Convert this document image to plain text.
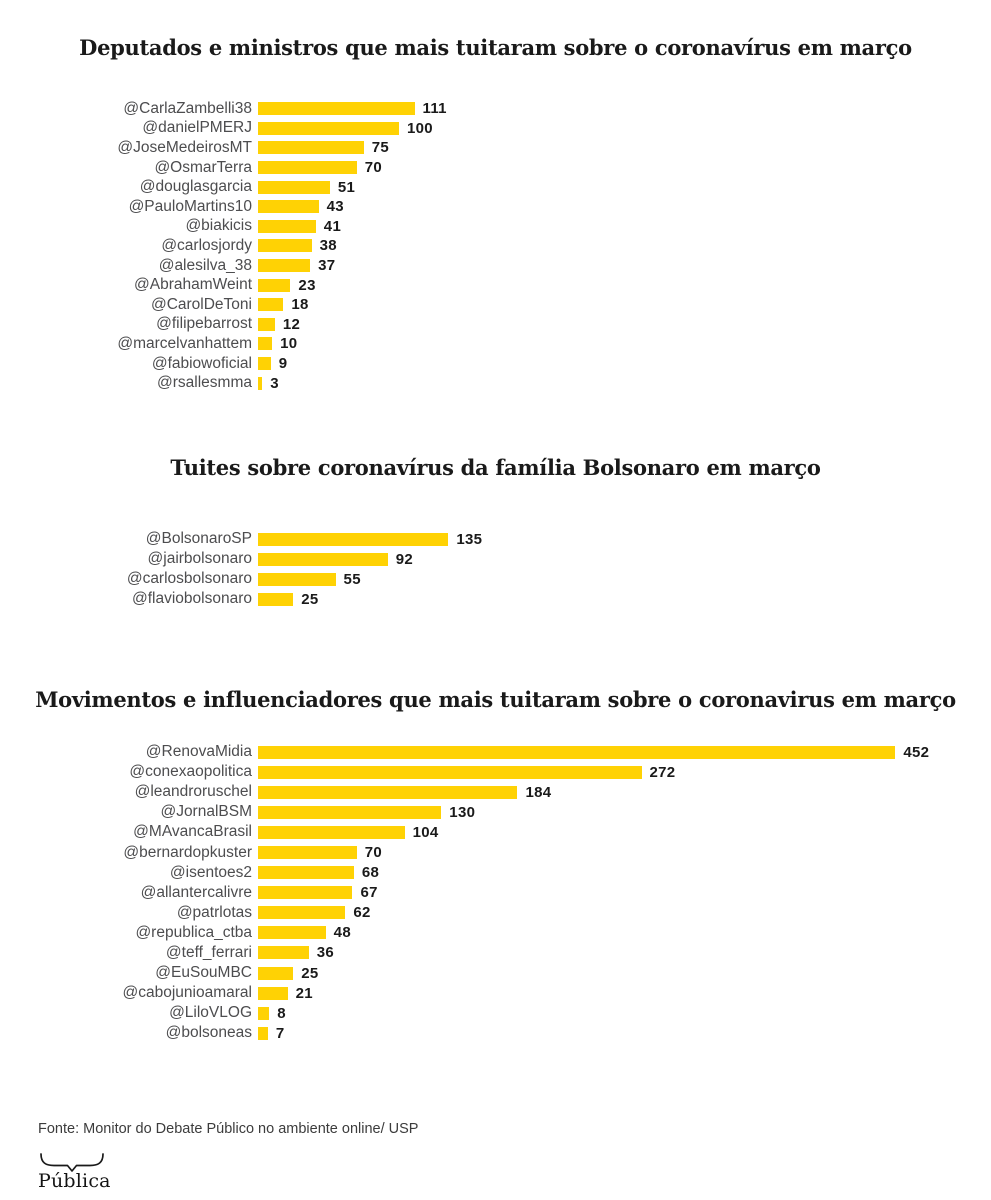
Deputados e ministros que mais tuitaram sobre o coronavírus em março
@CarlaZambelli38	111
@danielPMERJ	100
@JoseMedeirosMT	75
@OsmarTerra	70
@douglasgarcia	51
@PauloMartins10	43
@biakicis	41
@carlosjordy	38
@alesilva_38	37
@AbrahamWeint	23
@CarolDeToni	18
@filipebarrost	12
@marcelvanhattem	10
@fabiowoficial	9
@rsallesmma	3
Tuites sobre coronavírus da família Bolsonaro em março
@BolsonaroSP	135
@jairbolsonaro	92
@carlosbolsonaro	55
@flaviobolsonaro	25
Movimentos e influenciadores que mais tuitaram sobre o coronavirus em março
@RenovaMidia	452
@conexaopolitica	272
@leandroruschel	184
@JornalBSM	130
@MAvancaBrasil	104
@bernardopkuster	70
@isentoes2	68
@allantercalivre	67
@patrlotas	62
@republica_ctba	48
@teff_ferrari	36
@EuSouMBC	25
@cabojunioamaral	21
@LiloVLOG	8
@bolsoneas	7

Fonte: Monitor do Debate Público no ambiente online/ USP

Pública
